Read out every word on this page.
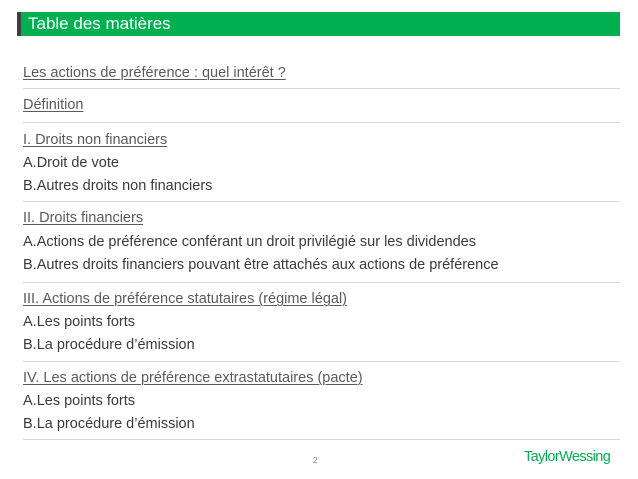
Table des matières
Les actions de préférence : quel intérêt ?
Définition
I. Droits non financiers
A.Droit de vote
B.Autres droits non financiers
II. Droits financiers
A.Actions de préférence conférant un droit privilégié sur les dividendes
B.Autres droits financiers pouvant être attachés aux actions de préférence
III. Actions de préférence statutaires (régime légal)
A.Les points forts
B.La procédure d’émission
IV. Les actions de préférence extrastatutaires (pacte)
A.Les points forts
B.La procédure d’émission
2	TaylorWessing
